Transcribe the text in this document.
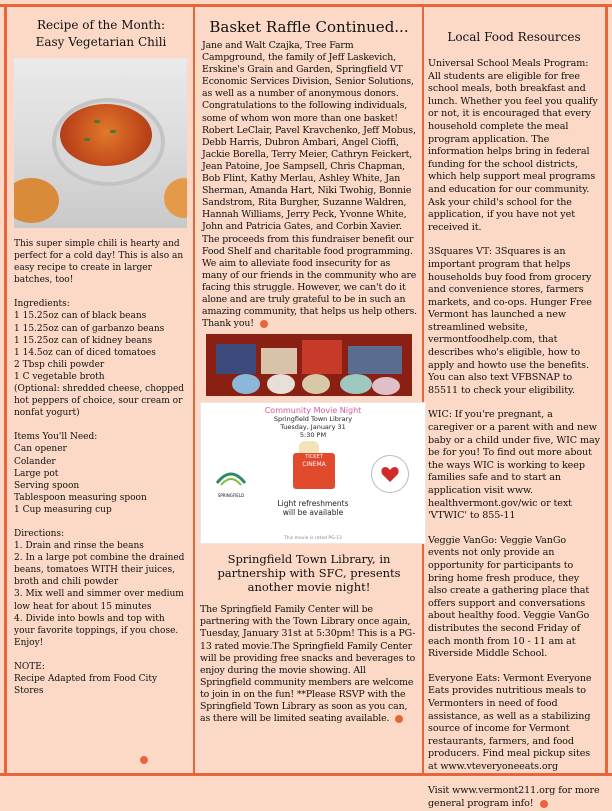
Recipe of the Month:
Easy Vegetarian Chili

This super simple chili is hearty and perfect for a cold day! This is also an easy recipe to create in larger batches, too!

Ingredients:

1 15.25oz can of black beans

1 15.25oz can of garbanzo beans

1 15.25oz can of kidney beans

1 14.5oz can of diced tomatoes

2 Tbsp chili powder

1 C vegetable broth

(Optional: shredded cheese, chopped hot peppers of choice, sour cream or nonfat yogurt)

Items You'll Need:

Can opener

Colander

Large pot

Serving spoon

Tablespoon measuring spoon

1 Cup measuring cup

Directions:

1. Drain and rinse the beans

2. In a large pot combine the drained beans, tomatoes WITH their juices, broth and chili powder

3. Mix well and simmer over medium low heat for about 15 minutes

4. Divide into bowls and top with your favorite toppings, if you chose. Enjoy!

NOTE:

Recipe Adapted from Food City Stores

Basket Raffle Continued...

Jane and Walt Czajka, Tree Farm Campground, the family of Jeff Laskevich, Erskine's Grain and Garden, Springfield VT Economic Services Division, Senior Solutions, as well as a number of anonymous donors.

Congratulations to the following individuals, some of whom won more than one basket! Robert LeClair, Pavel Kravchenko, Jeff Mobus, Debb Harris, Dubron Ambari, Angel Cioffi, Jackie Borella, Terry Meier, Cathryn Feickert, Jean Patoine, Joe Sampsell, Chris Chapman, Bob Flint, Kathy Merlau, Ashley White, Jan Sherman, Amanda Hart, Niki Twohig, Bonnie Sandstrom, Rita Burgher, Suzanne Waldren, Hannah Williams, Jerry Peck, Yvonne White, John and Patricia Gates, and Corbin Xavier.

The proceeds from this fundraiser benefit our Food Shelf and charitable food programming. We aim to alleviate food insecurity for as many of our friends in the community who are facing this struggle. However, we can't do it alone and are truly grateful to be in such an amazing community, that helps us help others. Thank you!

Community Movie Night
Springfield Town Library
Tuesday, January 31
5:30 PM
SPRINGFIELD
TICKET
CINEMA
Light refreshments
will be available
This movie is rated PG-13
Springfield Town Library, in partnership with SFC, presents another movie night!

The Springfield Family Center will be partnering with the Town Library once again, Tuesday, January 31st at 5:30pm! This is a PG-13 rated movie.The Springfield Family Center will be providing free snacks and beverages to enjoy during the movie showing. All Springfield community members are welcome to join in on the fun! **Please RSVP with the Springfield Town Library as soon as you can, as there will be limited seating available.

Local Food Resources

Universal School Meals Program: All students are eligible for free school meals, both breakfast and lunch. Whether you feel you qualify or not, it is encouraged that every household complete the meal program application. The information helps bring in federal funding for the school districts, which help support meal programs and education for our community. Ask your child's school for the application, if you have not yet received it.

3Squares VT: 3Squares is an important program that helps households buy food from grocery and convenience stores, farmers markets, and co-ops. Hunger Free Vermont has launched a new streamlined website, vermontfoodhelp.com, that describes who's eligible, how to apply and howto use the benefits. You can also text VFBSNAP to 85511 to check your eligibility.

WIC: If you're pregnant, a caregiver or a parent with and new baby or a child under five, WIC may be for you! To find out more about the ways WIC is working to keep families safe and to start an application visit www. healthvermont.gov/wic or text 'VTWIC' to 855-11

Veggie VanGo: Veggie VanGo events not only provide an opportunity for participants to bring home fresh produce, they also create a gathering place that offers support and conversations about healthy food. Veggie VanGo distributes the second Friday of each month from 10 - 11 am at Riverside Middle School.

Everyone Eats: Vermont Everyone Eats provides nutritious meals to Vermonters in need of food assistance, as well as a stabilizing source of income for Vermont restaurants, farmers, and food producers. Find meal pickup sites at www.vteveryoneeats.org

Visit www.vermont211.org for more general program info!
